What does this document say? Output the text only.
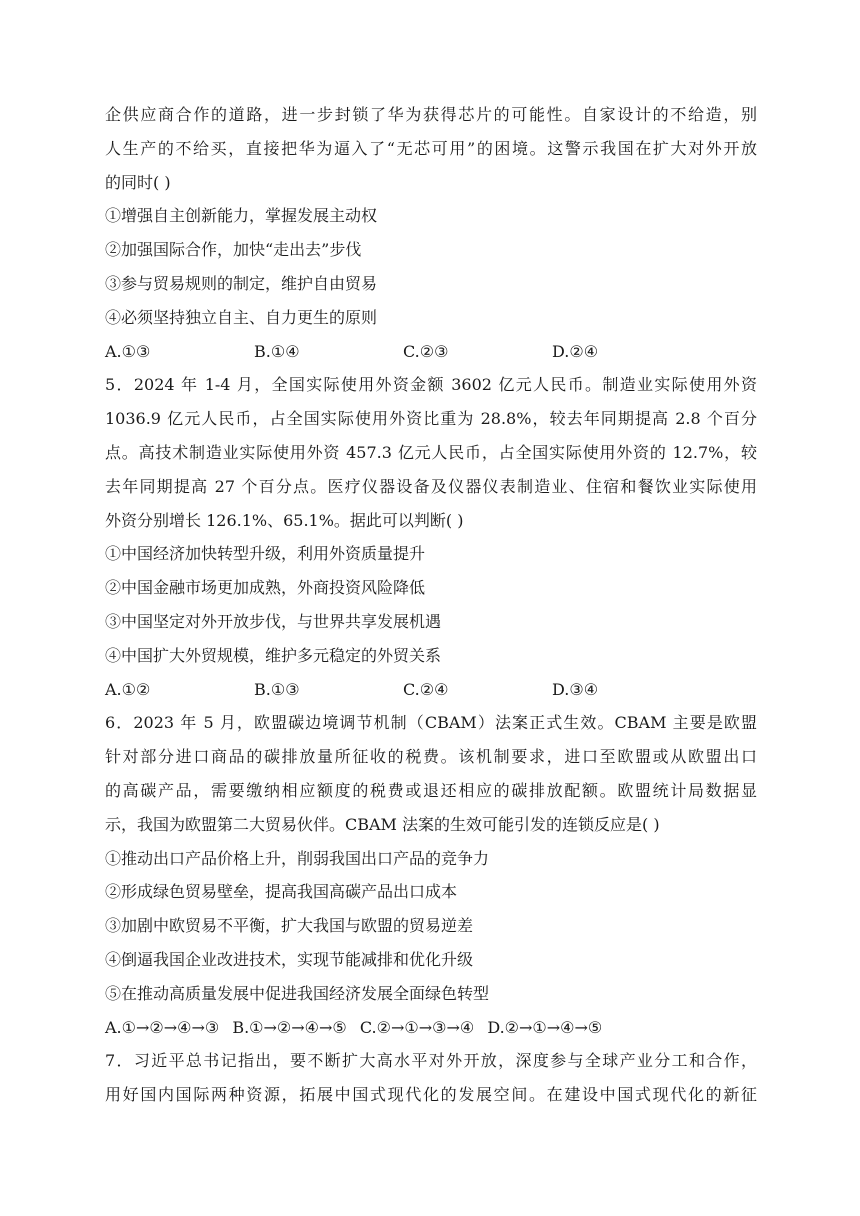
企供应商合作的道路，进一步封锁了华为获得芯片的可能性。自家设计的不给造，别
人生产的不给买，直接把华为逼入了“无芯可用”的困境。这警示我国在扩大对外开放
的同时( )
①增强自主创新能力，掌握发展主动权
②加强国际合作，加快“走出去”步伐
③参与贸易规则的制定，维护自由贸易
④必须坚持独立自主、自力更生的原则
A.①③	B.①④	C.②③	D.②④
5．2024 年 1-4 月，全国实际使用外资金额 3602 亿元人民币。制造业实际使用外资
1036.9 亿元人民币，占全国实际使用外资比重为 28.8%，较去年同期提高 2.8 个百分
点。高技术制造业实际使用外资 457.3 亿元人民币，占全国实际使用外资的 12.7%，较
去年同期提高 27 个百分点。医疗仪器设备及仪器仪表制造业、住宿和餐饮业实际使用
外资分别增长 126.1%、65.1%。据此可以判断( )
①中国经济加快转型升级，利用外资质量提升
②中国金融市场更加成熟，外商投资风险降低
③中国坚定对外开放步伐，与世界共享发展机遇
④中国扩大外贸规模，维护多元稳定的外贸关系
A.①②	B.①③	C.②④	D.③④
6．2023 年 5 月，欧盟碳边境调节机制（CBAM）法案正式生效。CBAM 主要是欧盟
针对部分进口商品的碳排放量所征收的税费。该机制要求，进口至欧盟或从欧盟出口
的高碳产品，需要缴纳相应额度的税费或退还相应的碳排放配额。欧盟统计局数据显
示，我国为欧盟第二大贸易伙伴。CBAM 法案的生效可能引发的连锁反应是( )
①推动出口产品价格上升，削弱我国出口产品的竞争力
②形成绿色贸易壁垒，提高我国高碳产品出口成本
③加剧中欧贸易不平衡，扩大我国与欧盟的贸易逆差
④倒逼我国企业改进技术，实现节能减排和优化升级
⑤在推动高质量发展中促进我国经济发展全面绿色转型
A.①→②→④→③ B.①→②→④→⑤ C.②→①→③→④ D.②→①→④→⑤
7．习近平总书记指出，要不断扩大高水平对外开放，深度参与全球产业分工和合作，
用好国内国际两种资源，拓展中国式现代化的发展空间。在建设中国式现代化的新征
